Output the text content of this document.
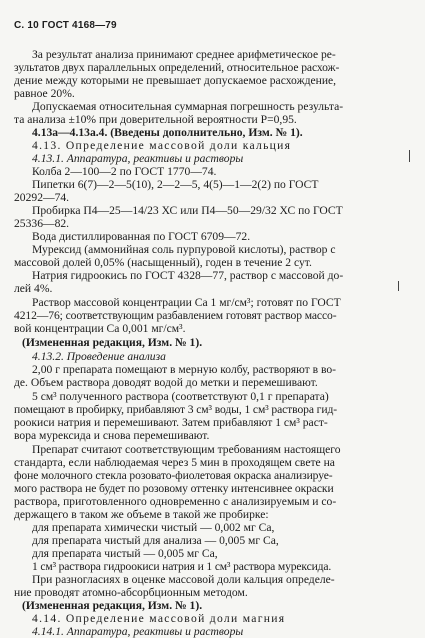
С. 10 ГОСТ 4168—79
За результат анализа принимают среднее арифметическое ре-
зультатов двух параллельных определений, относительное расхож-
дение между которыми не превышает допускаемое расхождение,
равное 20%.
Допускаемая относительная суммарная погрешность результа-
та анализа ±10% при доверительной вероятности P=0,95.
4.13а—4.13а.4. (Введены дополнительно, Изм. № 1).
4.13. Определение массовой доли кальция
4.13.1. Аппаратура, реактивы и растворы
Колба 2—100—2 по ГОСТ 1770—74.
Пипетки 6(7)—2—5(10), 2—2—5, 4(5)—1—2(2) по ГОСТ
20292—74.
Пробирка П4—25—14/23 ХС или П4—50—29/32 ХС по ГОСТ
25336—82.
Вода дистиллированная по ГОСТ 6709—72.
Мурексид (аммонийная соль пурпуровой кислоты), раствор с
массовой долей 0,05% (насыщенный), годен в течение 2 сут.
Натрия гидроокись по ГОСТ 4328—77, раствор с массовой до-
лей 4%.
Раствор массовой концентрации Са 1 мг/см³; готовят по ГОСТ
4212—76; соответствующим разбавлением готовят раствор массо-
вой концентрации Са 0,001 мг/см³.
(Измененная редакция, Изм. № 1).
4.13.2. Проведение анализа
2,00 г препарата помещают в мерную колбу, растворяют в во-
де. Объем раствора доводят водой до метки и перемешивают.
5 см³ полученного раствора (соответствуют 0,1 г препарата)
помещают в пробирку, прибавляют 3 см³ воды, 1 см³ раствора гид-
роокиси натрия и перемешивают. Затем прибавляют 1 см³ раст-
вора мурексида и снова перемешивают.
Препарат считают соответствующим требованиям настоящего
стандарта, если наблюдаемая через 5 мин в проходящем свете на
фоне молочного стекла розовато-фиолетовая окраска анализируе-
мого раствора не будет по розовому оттенку интенсивнее окраски
раствора, приготовленного одновременно с анализируемым и со-
держащего в таком же объеме в такой же пробирке:
для препарата химически чистый — 0,002 мг Са,
для препарата чистый для анализа — 0,005 мг Са,
для препарата чистый — 0,005 мг Са,
1 см³ раствора гидроокиси натрия и 1 см³ раствора мурексида.
При разногласиях в оценке массовой доли кальция определе-
ние проводят атомно-абсорбционным методом.
(Измененная редакция, Изм. № 1).
4.14. Определение массовой доли магния
4.14.1. Аппаратура, реактивы и растворы
